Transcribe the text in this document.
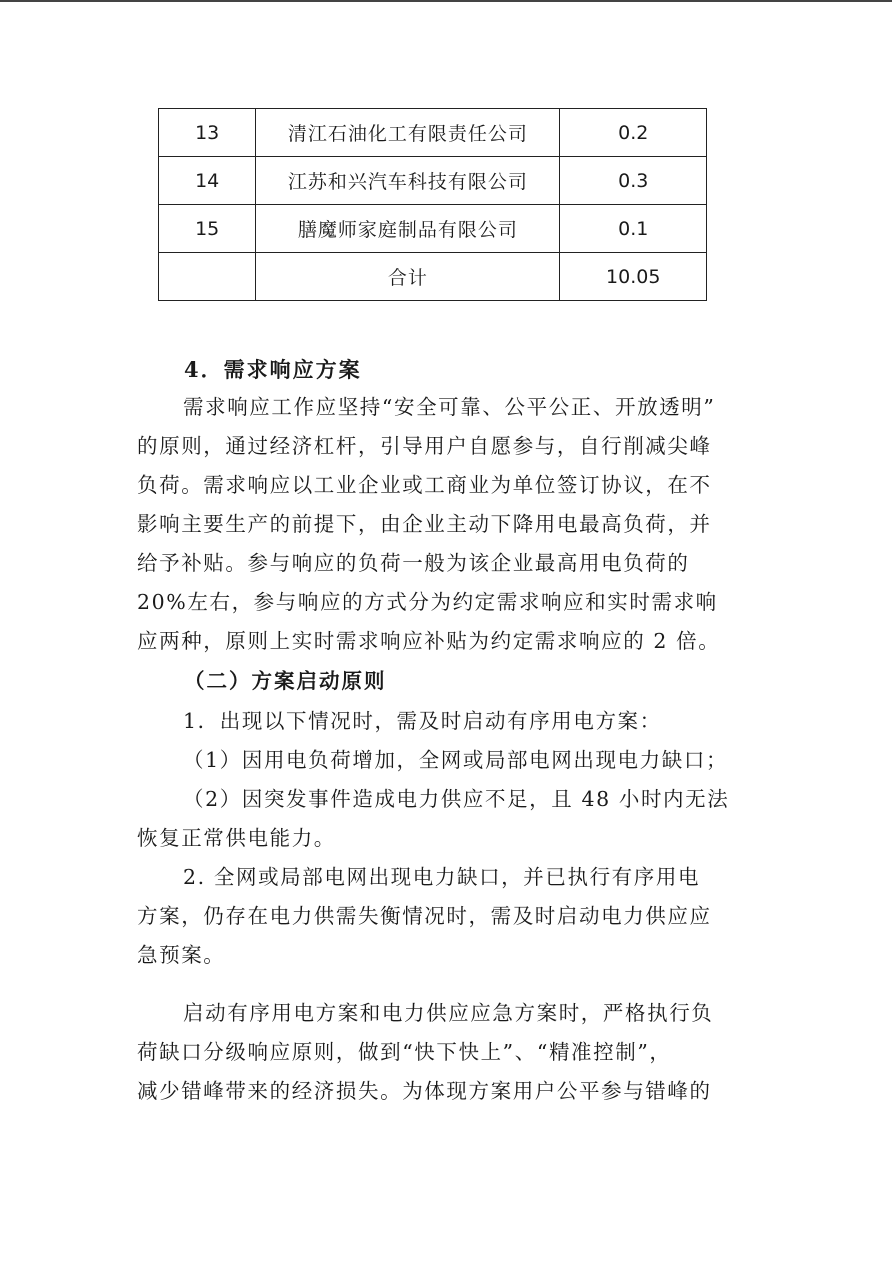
13	清江石油化工有限责任公司	0.2
14	江苏和兴汽车科技有限公司	0.3
15	膳魔师家庭制品有限公司	0.1
	合计	10.05
4．需求响应方案
需求响应工作应坚持“安全可靠、公平公正、开放透明”
的原则，通过经济杠杆，引导用户自愿参与，自行削减尖峰
负荷。需求响应以工业企业或工商业为单位签订协议，在不
影响主要生产的前提下，由企业主动下降用电最高负荷，并
给予补贴。参与响应的负荷一般为该企业最高用电负荷的
20%左右，参与响应的方式分为约定需求响应和实时需求响
应两种，原则上实时需求响应补贴为约定需求响应的 2 倍。
（二）方案启动原则
1．出现以下情况时，需及时启动有序用电方案：
（1）因用电负荷增加，全网或局部电网出现电力缺口；
（2）因突发事件造成电力供应不足，且 48 小时内无法
恢复正常供电能力。
2. 全网或局部电网出现电力缺口，并已执行有序用电
方案，仍存在电力供需失衡情况时，需及时启动电力供应应
急预案。
启动有序用电方案和电力供应应急方案时，严格执行负
荷缺口分级响应原则，做到“快下快上”、“精准控制”，
减少错峰带来的经济损失。为体现方案用户公平参与错峰的
